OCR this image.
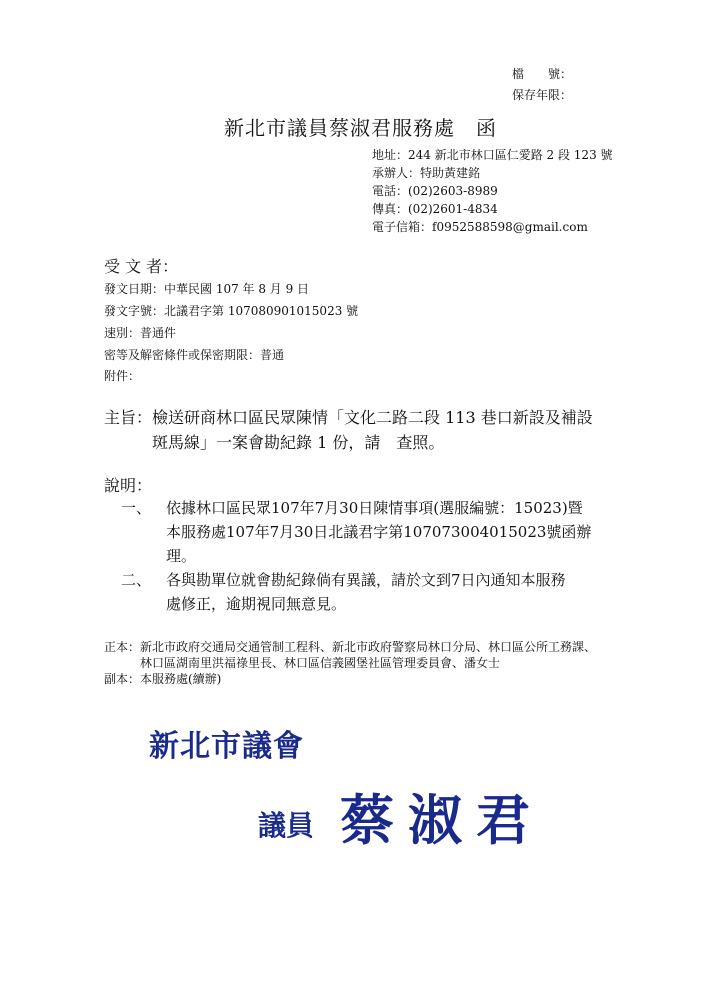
檔　　號：
保存年限：
新北市議員蔡淑君服務處　函
地址：244 新北市林口區仁愛路 2 段 123 號
承辦人：特助黃建銘
電話：(02)2603-8989
傳真：(02)2601-4834
電子信箱：f0952588598@gmail.com
受 文 者：
發文日期：中華民國 107 年 8 月 9 日
發文字號：北議君字第 107080901015023 號
速別：普通件
密等及解密條件或保密期限：普通
附件：
主旨：檢送研商林口區民眾陳情「文化二路二段 113 巷口新設及補設
斑馬線」一案會勘紀錄 1 份，請　查照。
說明：
一、 依據林口區民眾107年7月30日陳情事項(選服編號：15023)暨
本服務處107年7月30日北議君字第107073004015023號函辦
理。
二、 各與勘單位就會勘紀錄倘有異議，請於文到7日內通知本服務
處修正，逾期視同無意見。
正本：新北市政府交通局交通管制工程科、新北市政府警察局林口分局、林口區公所工務課、
林口區湖南里洪福祿里長、林口區信義國堡社區管理委員會、潘女士
副本：本服務處(續辦)
新北市議會
議員 蔡淑君
